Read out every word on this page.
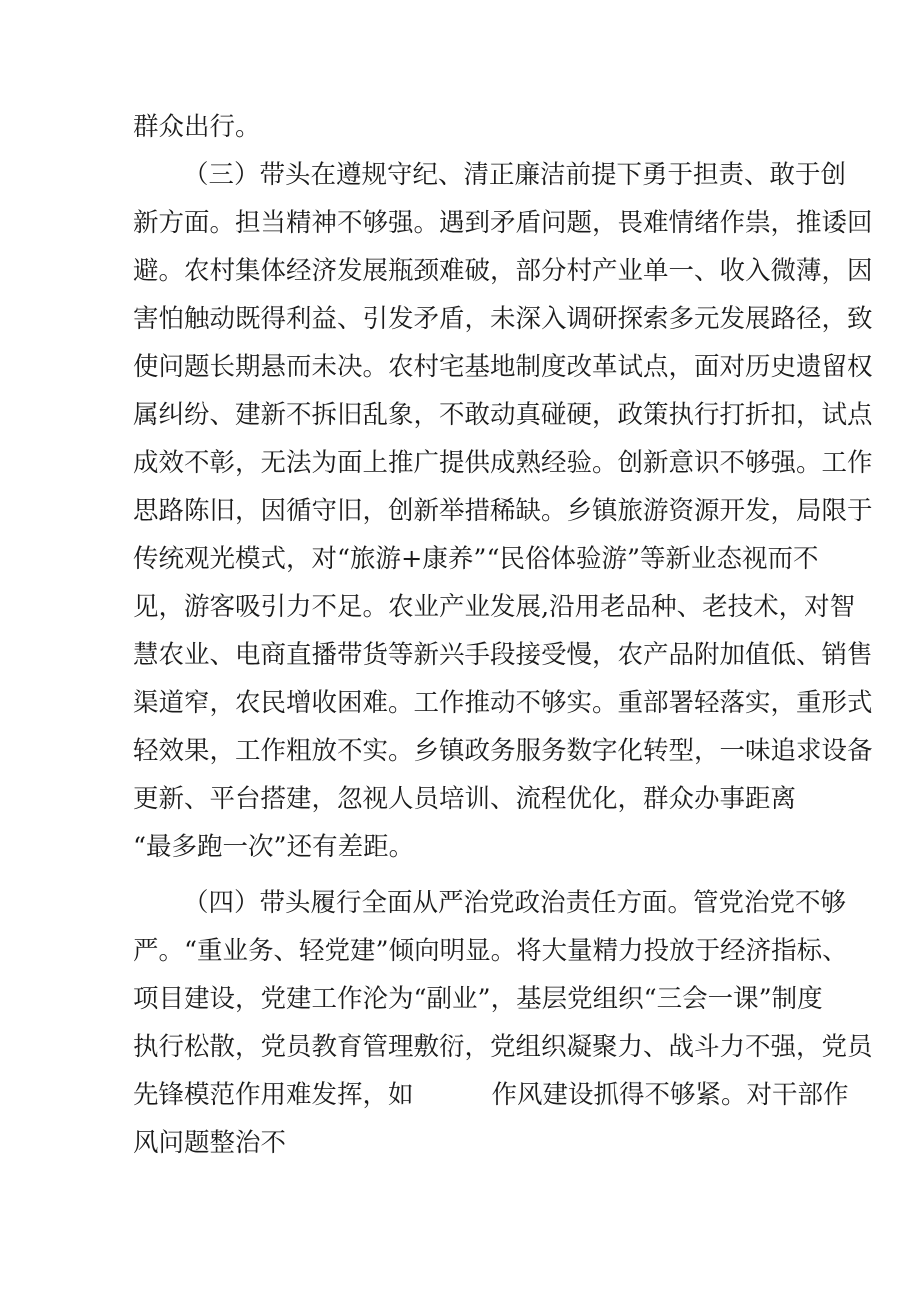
群众出行。
（三）带头在遵规守纪、清正廉洁前提下勇于担责、敢于创
新方面。担当精神不够强。遇到矛盾问题，畏难情绪作祟，推诿回
避。农村集体经济发展瓶颈难破，部分村产业单一、收入微薄，因
害怕触动既得利益、引发矛盾，未深入调研探索多元发展路径，致
使问题长期悬而未决。农村宅基地制度改革试点，面对历史遗留权
属纠纷、建新不拆旧乱象，不敢动真碰硬，政策执行打折扣，试点
成效不彰，无法为面上推广提供成熟经验。创新意识不够强。工作
思路陈旧，因循守旧，创新举措稀缺。乡镇旅游资源开发，局限于
传统观光模式，对“旅游+康养”“民俗体验游”等新业态视而不
见，游客吸引力不足。农业产业发展,沿用老品种、老技术，对智
慧农业、电商直播带货等新兴手段接受慢，农产品附加值低、销售
渠道窄，农民增收困难。工作推动不够实。重部署轻落实，重形式
轻效果，工作粗放不实。乡镇政务服务数字化转型，一味追求设备
更新、平台搭建，忽视人员培训、流程优化，群众办事距离
“最多跑一次”还有差距。
（四）带头履行全面从严治党政治责任方面。管党治党不够
严。“重业务、轻党建”倾向明显。将大量精力投放于经济指标、
项目建设，党建工作沦为“副业”，基层党组织“三会一课”制度
执行松散，党员教育管理敷衍，党组织凝聚力、战斗力不强，党员
先锋模范作用难发挥，如	作风建设抓得不够紧。对干部作
风问题整治不
